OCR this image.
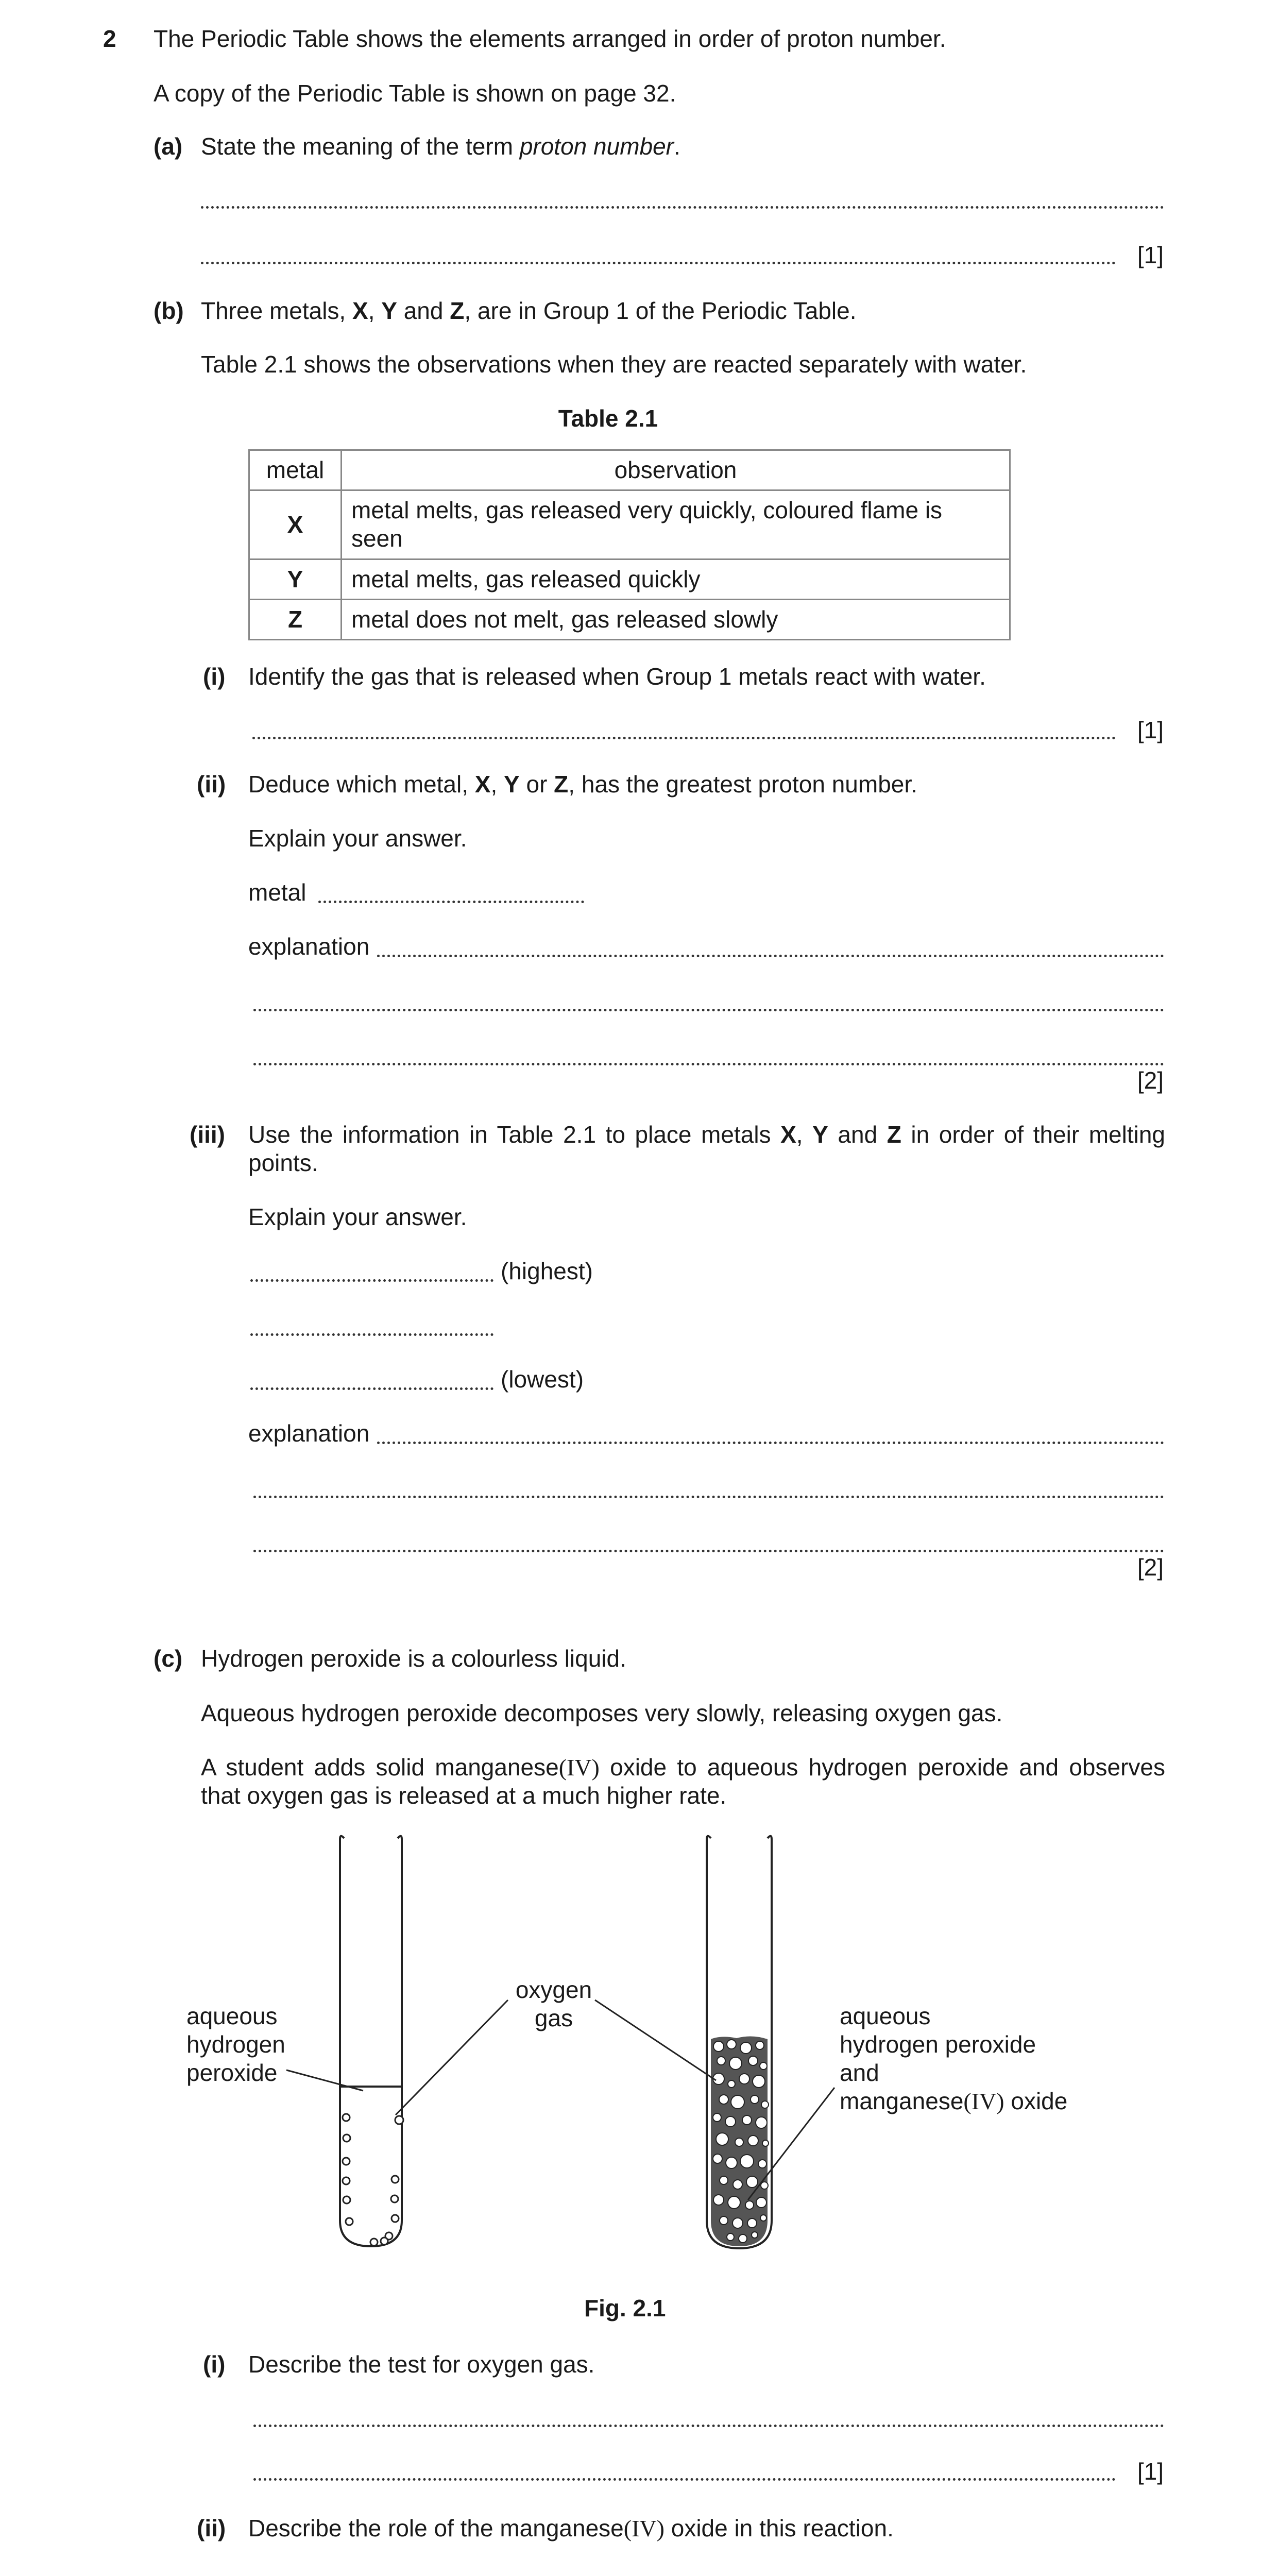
2 The Periodic Table shows the elements arranged in order of proton number.
A copy of the Periodic Table is shown on page 32.
(a) State the meaning of the term proton number.
[1]
(b) Three metals, X, Y and Z, are in Group 1 of the Periodic Table.
Table 2.1 shows the observations when they are reacted separately with water.
Table 2.1
metal	observation
X	metal melts, gas released very quickly, coloured flame is seen
Y	metal melts, gas released quickly
Z	metal does not melt, gas released slowly
(i) Identify the gas that is released when Group 1 metals react with water.
[1]
(ii) Deduce which metal, X, Y or Z, has the greatest proton number.
Explain your answer.
metal
explanation
[2]
(iii) Use the information in Table 2.1 to place metals X, Y and Z in order of their melting points.
Explain your answer.
(highest)
(lowest)
explanation
[2]
(c) Hydrogen peroxide is a colourless liquid.
Aqueous hydrogen peroxide decomposes very slowly, releasing oxygen gas.
A student adds solid manganese(IV) oxide to aqueous hydrogen peroxide and observes that oxygen gas is released at a much higher rate.
aqueous
hydrogen
peroxide
oxygen
gas	aqueous
hydrogen peroxide
and
manganese(IV) oxide
Fig. 2.1
(i) Describe the test for oxygen gas.
[1]
(ii) Describe the role of the manganese(IV) oxide in this reaction.
